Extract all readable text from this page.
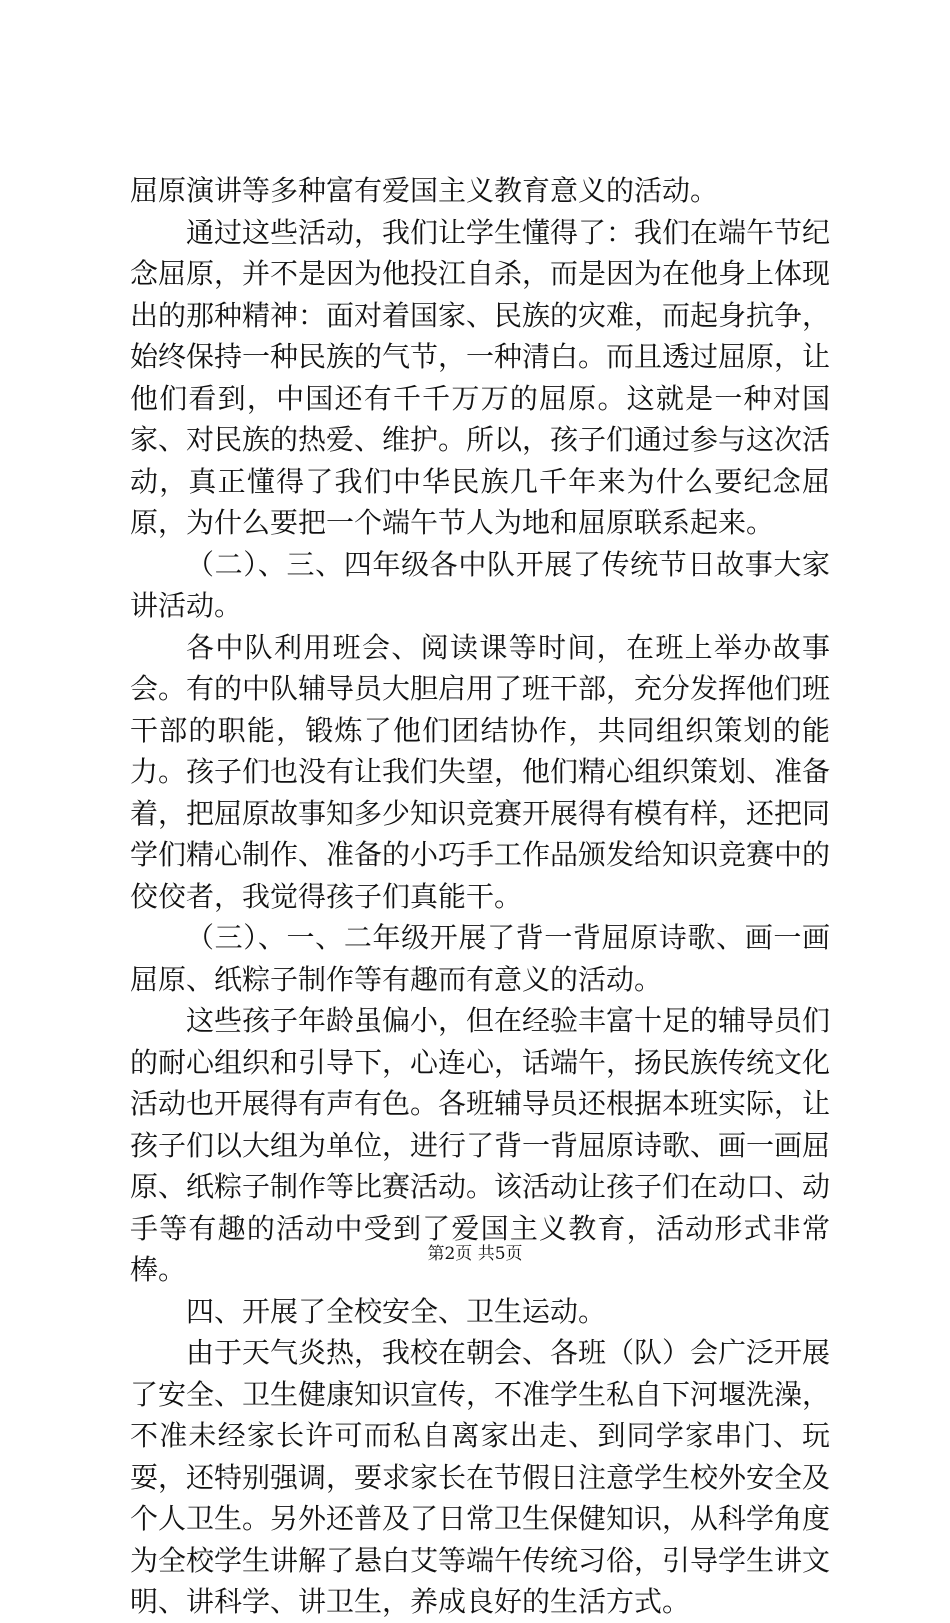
屈原演讲等多种富有爱国主义教育意义的活动。

通过这些活动，我们让学生懂得了：我们在端午节纪念屈原，并不是因为他投江自杀，而是因为在他身上体现出的那种精神：面对着国家、民族的灾难，而起身抗争，始终保持一种民族的气节，一种清白。而且透过屈原，让他们看到，中国还有千千万万的屈原。这就是一种对国家、对民族的热爱、维护。所以，孩子们通过参与这次活动，真正懂得了我们中华民族几千年来为什么要纪念屈原，为什么要把一个端午节人为地和屈原联系起来。

（二）、三、四年级各中队开展了传统节日故事大家讲活动。

各中队利用班会、阅读课等时间，在班上举办故事会。有的中队辅导员大胆启用了班干部，充分发挥他们班干部的职能，锻炼了他们团结协作，共同组织策划的能力。孩子们也没有让我们失望，他们精心组织策划、准备着，把屈原故事知多少知识竞赛开展得有模有样，还把同学们精心制作、准备的小巧手工作品颁发给知识竞赛中的佼佼者，我觉得孩子们真能干。

（三）、一、二年级开展了背一背屈原诗歌、画一画屈原、纸粽子制作等有趣而有意义的活动。

这些孩子年龄虽偏小，但在经验丰富十足的辅导员们的耐心组织和引导下，心连心，话端午，扬民族传统文化活动也开展得有声有色。各班辅导员还根据本班实际，让孩子们以大组为单位，进行了背一背屈原诗歌、画一画屈原、纸粽子制作等比赛活动。该活动让孩子们在动口、动手等有趣的活动中受到了爱国主义教育，活动形式非常棒。

四、开展了全校安全、卫生运动。

由于天气炎热，我校在朝会、各班（队）会广泛开展了安全、卫生健康知识宣传，不准学生私自下河堰洗澡，不准未经家长许可而私自离家出走、到同学家串门、玩耍，还特别强调，要求家长在节假日注意学生校外安全及个人卫生。另外还普及了日常卫生保健知识，从科学角度为全校学生讲解了悬白艾等端午传统习俗，引导学生讲文明、讲科学、讲卫生，养成良好的生活方式。

第2页 共5页
